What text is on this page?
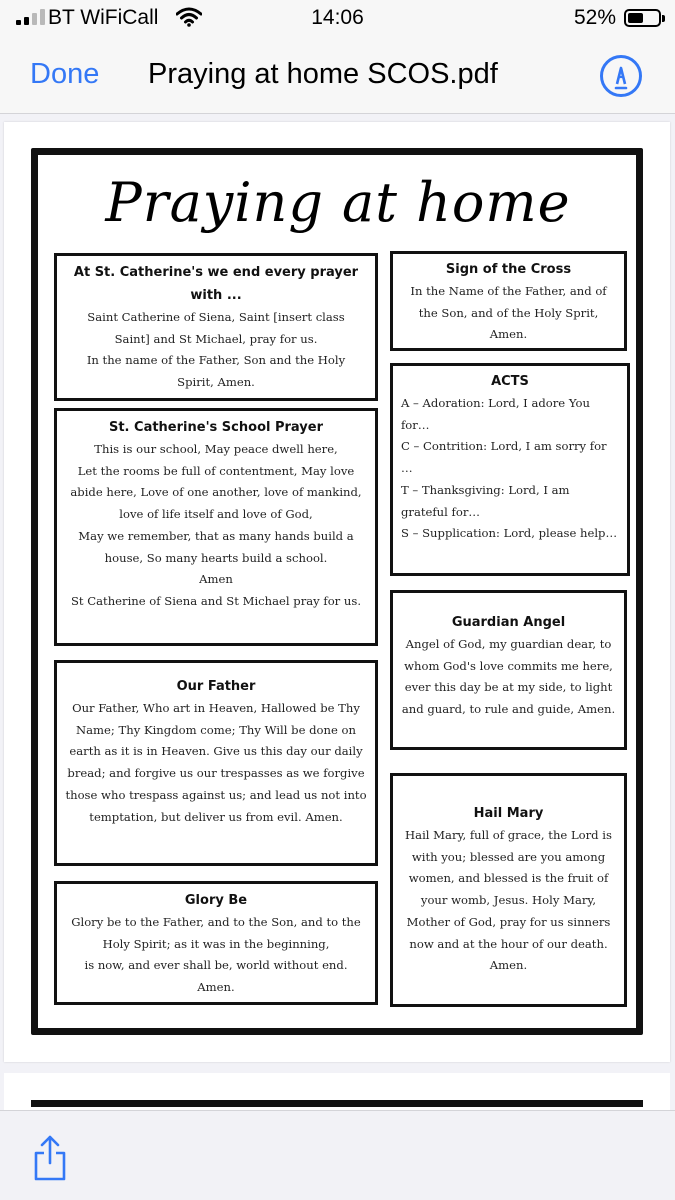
BT WiFiCall	14:06	52%
Done Praying at home SCOS.pdf
Praying at home
At St. Catherine's we end every prayer with ...

Saint Catherine of Siena, Saint [insert class Saint] and St Michael, pray for us.

In the name of the Father, Son and the Holy Spirit, Amen.

St. Catherine's School Prayer

This is our school, May peace dwell here,

Let the rooms be full of contentment, May love abide here, Love of one another, love of mankind, love of life itself and love of God,

May we remember, that as many hands build a house, So many hearts build a school.

Amen

St Catherine of Siena and St Michael pray for us.

Our Father

Our Father, Who art in Heaven, Hallowed be Thy Name; Thy Kingdom come; Thy Will be done on earth as it is in Heaven. Give us this day our daily bread; and forgive us our trespasses as we forgive those who trespass against us; and lead us not into temptation, but deliver us from evil. Amen.

Glory Be

Glory be to the Father, and to the Son, and to the Holy Spirit; as it was in the beginning,

is now, and ever shall be, world without end.

Amen.

Sign of the Cross

In the Name of the Father, and of the Son, and of the Holy Sprit, Amen.

ACTS

A – Adoration: Lord, I adore You for…

C – Contrition: Lord, I am sorry for …

T – Thanksgiving: Lord, I am grateful for…

S – Supplication: Lord, please help…

Guardian Angel

Angel of God, my guardian dear, to whom God's love commits me here, ever this day be at my side, to light and guard, to rule and guide, Amen.

Hail Mary

Hail Mary, full of grace, the Lord is with you; blessed are you among women, and blessed is the fruit of your womb, Jesus. Holy Mary, Mother of God, pray for us sinners now and at the hour of our death. Amen.
